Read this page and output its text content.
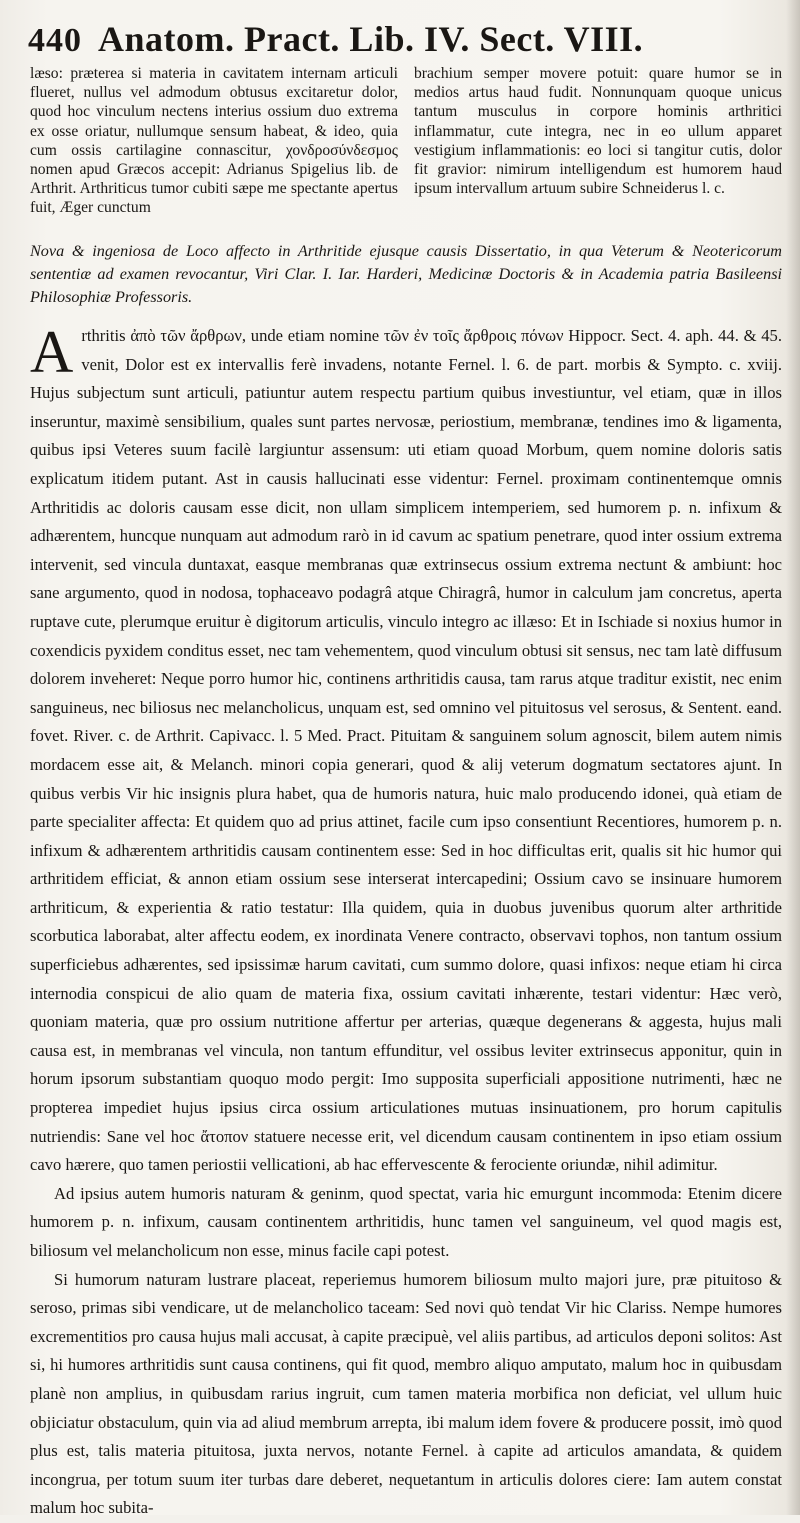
440 Anatom. Pract. Lib. IV. Sect. VIII.

læso: præterea si materia in cavitatem internam articuli flueret, nullus vel admodum obtusus excitaretur dolor, quod hoc vinculum nectens interius ossium duo extrema ex osse oriatur, nullumque sensum habeat, & ideo, quia cum ossis cartilagine connascitur, χονδροσύνδεσμος nomen apud Græcos accepit: Adrianus Spigelius lib. de Arthrit. Arthriticus tumor cubiti sæpe me spectante apertus fuit, Æger cunctum

brachium semper movere potuit: quare humor se in medios artus haud fudit. Nonnunquam quoque unicus tantum musculus in corpore hominis arthritici inflammatur, cute integra, nec in eo ullum apparet vestigium inflammationis: eo loci si tangitur cutis, dolor fit gravior: nimirum intelligendum est humorem haud ipsum intervallum artuum subire Schneiderus l. c.

Nova & ingeniosa de Loco affecto in Arthritide ejusque causis Dissertatio, in qua Veterum & Neotericorum sententiæ ad examen revocantur, Viri Clar. I. Iar. Harderi, Medicinæ Doctoris & in Academia patria Basileensi Philosophiæ Professoris.

Arthritis ἀπὸ τῶν ἄρθρων, unde etiam nomine τῶν ἐν τοῖς ἄρθροις πόνων Hippocr. Sect. 4. aph. 44. & 45. venit, Dolor est ex intervallis ferè invadens, notante Fernel. l. 6. de part. morbis & Sympto. c. xviij. Hujus subjectum sunt articuli, patiuntur autem respectu partium quibus investiuntur, vel etiam, quæ in illos inseruntur, maximè sensibilium, quales sunt partes nervosæ, periostium, membranæ, tendines imo & ligamenta, quibus ipsi Veteres suum facilè largiuntur assensum: uti etiam quoad Morbum, quem nomine doloris satis explicatum itidem putant. Ast in causis hallucinati esse videntur: Fernel. proximam continentemque omnis Arthritidis ac doloris causam esse dicit, non ullam simplicem intemperiem, sed humorem p. n. infixum & adhærentem, huncque nunquam aut admodum rarò in id cavum ac spatium penetrare, quod inter ossium extrema intervenit, sed vincula duntaxat, easque membranas quæ extrinsecus ossium extrema nectunt & ambiunt: hoc sane argumento, quod in nodosa, tophaceavo podagrâ atque Chiragrâ, humor in calculum jam concretus, aperta ruptave cute, plerumque eruitur è digitorum articulis, vinculo integro ac illæso: Et in Ischiade si noxius humor in coxendicis pyxidem conditus esset, nec tam vehementem, quod vinculum obtusi sit sensus, nec tam latè diffusum dolorem inveheret: Neque porro humor hic, continens arthritidis causa, tam rarus atque traditur existit, nec enim sanguineus, nec biliosus nec melancholicus, unquam est, sed omnino vel pituitosus vel serosus, & Sentent. eand. fovet. River. c. de Arthrit. Capivacc. l. 5 Med. Pract. Pituitam & sanguinem solum agnoscit, bilem autem nimis mordacem esse ait, & Melanch. minori copia generari, quod & alij veterum dogmatum sectatores ajunt. In quibus verbis Vir hic insignis plura habet, qua de humoris natura, huic malo producendo idonei, quà etiam de parte specialiter affecta: Et quidem quo ad prius attinet, facile cum ipso consentiunt Recentiores, humorem p. n. infixum & adhærentem arthritidis causam continentem esse: Sed in hoc difficultas erit, qualis sit hic humor qui arthritidem efficiat, & annon etiam ossium sese interserat intercapedini; Ossium cavo se insinuare humorem arthriticum, & experientia & ratio testatur: Illa quidem, quia in duobus juvenibus quorum alter arthritide scorbutica laborabat, alter affectu eodem, ex inordinata Venere contracto, observavi tophos, non tantum ossium superficiebus adhærentes, sed ipsissimæ harum cavitati, cum summo dolore, quasi infixos: neque etiam hi circa internodia conspicui de alio quam de materia fixa, ossium cavitati inhærente, testari videntur: Hæc verò, quoniam materia, quæ pro ossium nutritione affertur per arterias, quæque degenerans & aggesta, hujus mali causa est, in membranas vel vincula, non tantum effunditur, vel ossibus leviter extrinsecus apponitur, quin in horum ipsorum substantiam quoquo modo pergit: Imo supposita superficiali appositione nutrimenti, hæc ne propterea impediet hujus ipsius circa ossium articulationes mutuas insinuationem, pro horum capitulis nutriendis: Sane vel hoc ἄτοπον statuere necesse erit, vel dicendum causam continentem in ipso etiam ossium cavo hærere, quo tamen periostii vellicationi, ab hac effervescente & ferociente oriundæ, nihil adimitur.

Ad ipsius autem humoris naturam & geninm, quod spectat, varia hic emurgunt incommoda: Etenim dicere humorem p. n. infixum, causam continentem arthritidis, hunc tamen vel sanguineum, vel quod magis est, biliosum vel melancholicum non esse, minus facile capi potest.

Si humorum naturam lustrare placeat, reperiemus humorem biliosum multo majori jure, præ pituitoso & seroso, primas sibi vendicare, ut de melancholico taceam: Sed novi quò tendat Vir hic Clariss. Nempe humores excrementitios pro causa hujus mali accusat, à capite præcipuè, vel aliis partibus, ad articulos deponi solitos: Ast si, hi humores arthritidis sunt causa continens, qui fit quod, membro aliquo amputato, malum hoc in quibusdam planè non amplius, in quibusdam rarius ingruit, cum tamen materia morbifica non deficiat, vel ullum huic objiciatur obstaculum, quin via ad aliud membrum arrepta, ibi malum idem fovere & producere possit, imò quod plus est, talis materia pituitosa, juxta nervos, notante Fernel. à capite ad articulos amandata, & quidem incongrua, per totum suum iter turbas dare deberet, nequetantum in articulis dolores ciere: Iam autem constat malum hoc subita-
